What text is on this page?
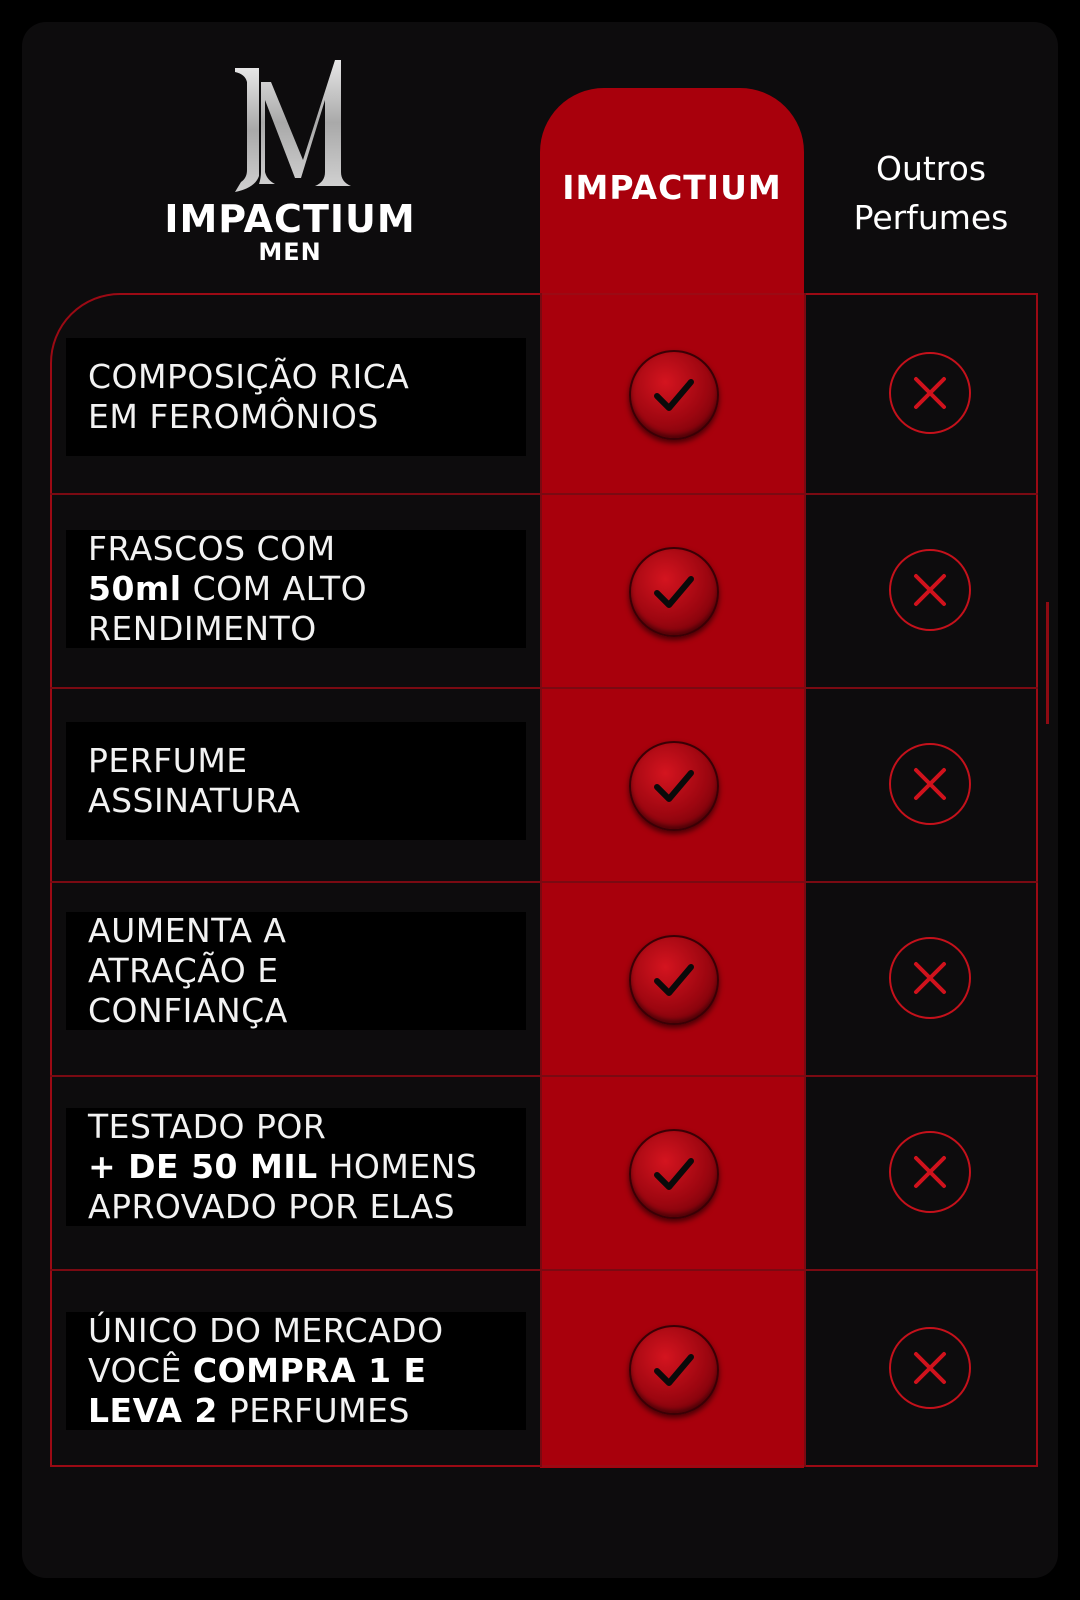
IMPACTIUM
MEN
IMPACTIUM	Outros
Perfumes
COMPOSIÇÃO RICA
EM FEROMÔNIOS
FRASCOS COM
50ml COM ALTO
RENDIMENTO
PERFUME
ASSINATURA
AUMENTA A
ATRAÇÃO E
CONFIANÇA
TESTADO POR
+ DE 50 MIL HOMENS
APROVADO POR ELAS
ÚNICO DO MERCADO
VOCÊ COMPRA 1 E
LEVA 2 PERFUMES
